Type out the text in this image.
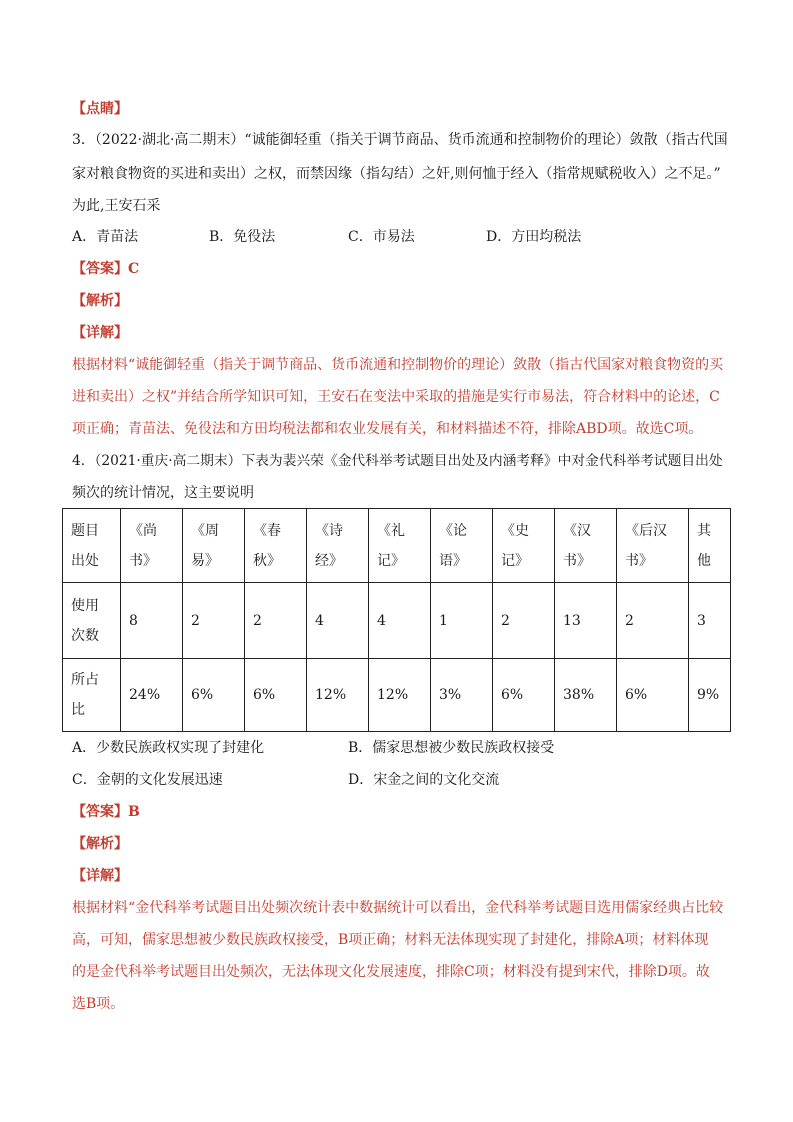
【点睛】
3．（2022·湖北·高二期末）“诚能御轻重（指关于调节商品、货币流通和控制物价的理论）敛散（指古代国
家对粮食物资的买进和卖出）之权，而禁因缘（指勾结）之奸,则何恤于经入（指常规赋税收入）之不足。”
为此,王安石采
A．青苗法	B．免役法	C．市易法	D．方田均税法
【答案】C
【解析】
【详解】
根据材料“诚能御轻重（指关于调节商品、货币流通和控制物价的理论）敛散（指古代国家对粮食物资的买
进和卖出）之权”并结合所学知识可知，王安石在变法中采取的措施是实行市易法，符合材料中的论述，C
项正确；青苗法、免役法和方田均税法都和农业发展有关，和材料描述不符，排除ABD项。故选C项。
4．（2021·重庆·高二期末）下表为裴兴荣《金代科举考试题目出处及内涵考释》中对金代科举考试题目出处
频次的统计情况，这主要说明
题目出处	《尚书》	《周易》	《春秋》	《诗经》	《礼记》	《论语》	《史记》	《汉书》	《后汉书》	其他
使用次数	8	2	2	4	4	1	2	13	2	3
所占比	24%	6%	6%	12%	12%	3%	6%	38%	6%	9%
A．少数民族政权实现了封建化	B．儒家思想被少数民族政权接受
C．金朝的文化发展迅速	D．宋金之间的文化交流
【答案】B
【解析】
【详解】
根据材料“金代科举考试题目出处频次统计表中数据统计可以看出，金代科举考试题目选用儒家经典占比较
高，可知，儒家思想被少数民族政权接受，B项正确；材料无法体现实现了封建化，排除A项；材料体现
的是金代科举考试题目出处频次，无法体现文化发展速度，排除C项；材料没有提到宋代，排除D项。故
选B项。
